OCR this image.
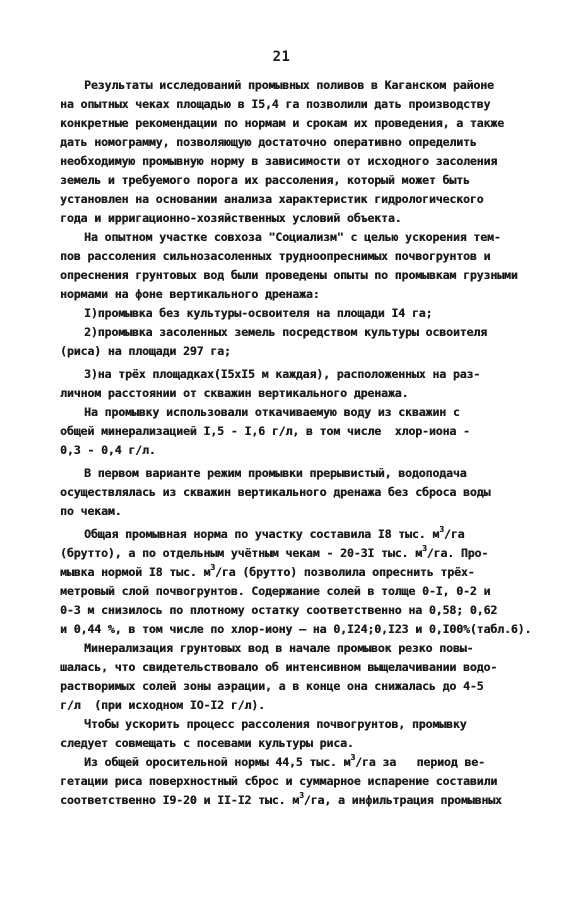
21
Результаты исследований промывных поливов в Каганском районе
на опытных чеках площадью в I5,4 га позволили дать производству
конкретные рекомендации по нормам и срокам их проведения, а также
дать номограмму, позволяющую достаточно оперативно определить
необходимую промывную норму в зависимости от исходного засоления
земель и требуемого порога их рассоления, который может быть
установлен на основании анализа характеристик гидрологического
года и ирригационно-хозяйственных условий объекта.
На опытном участке совхоза "Социализм" с целью ускорения тем-
пов рассоления сильнозасоленных трудноопреснимых почвогрунтов и
опреснения грунтовых вод были проведены опыты по промывкам грузными
нормами на фоне вертикального дренажа:
I)промывка без культуры-освоителя на площади I4 га;
2)промывка засоленных земель посредством культуры освоителя
(риса) на площади 297 га;
3)на трёх площадках(I5xI5 м каждая), расположенных на раз-
личном расстоянии от скважин вертикального дренажа.
На промывку использовали откачиваемую воду из скважин с
общей минерализацией I,5 - I,6 г/л, в том числе  хлор-иона -
0,3 - 0,4 г/л.
В первом варианте режим промывки прерывистый, водоподача
осуществлялась из скважин вертикального дренажа без сброса воды
по чекам.
Общая промывная норма по участку составила I8 тыс. $м^3/га$
(брутто), а по отдельным учётным чекам - 20-3I тыс. $м^3/га$. Про-
мывка нормой I8 тыс. $м^3/га$ (брутто) позволила опреснить трёх-
метровый слой почвогрунтов. Содержание солей в толще 0-I, 0-2 и
0-3 м снизилось по плотному остатку соответственно на 0,58; 0,62
и 0,44 %, в том числе по хлор-иону — на 0,I24;0,I23 и 0,I00%(табл.6).
Минерализация грунтовых вод в начале промывок резко повы-
шалась, что свидетельствовало об интенсивном выщелачивании водо-
растворимых солей зоны аэрации, а в конце она снижалась до 4-5
г/л  (при исходном IO-I2 г/л).
Чтобы ускорить процесс рассоления почвогрунтов, промывку
следует совмещать с посевами культуры риса.
Из общей оросительной нормы 44,5 тыс. $м^3/га$ за   период ве-
гетации риса поверхностный сброс и суммарное испарение составили
соответственно I9-20 и II-I2 тыс. $м^3/га$, а инфильтрация промывных
